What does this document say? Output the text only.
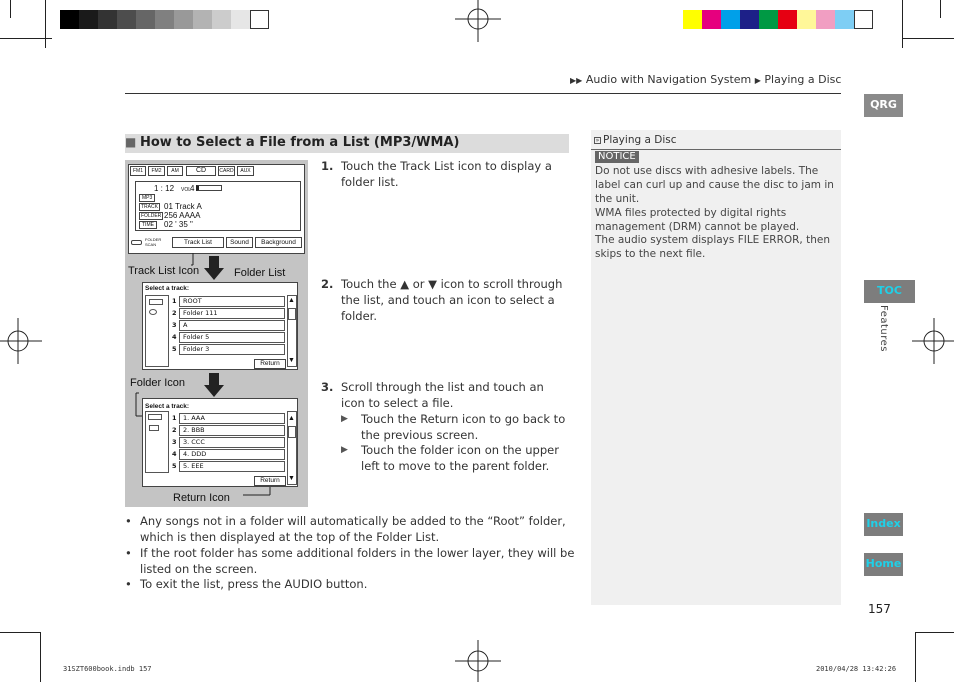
▶▶ Audio with Navigation System ▶ Playing a Disc
QRG
TOC
Features
Index
Home
■ How to Select a File from a List (MP3/WMA)
FM1	FM2	AM	CD	CARD	AUX
1 : 12 VOL
4
MP3
TRACK 01 Track A
FOLDER 256 AAAA
TIME	02 ' 35 "
FOLDER SCAN	Track List	Sound	Background
Track List Icon	Folder List
Folder Icon
Return Icon
Select a track:
1 ROOT
2 Folder 111
3 A
4 Folder 5
5 Folder 3
▲
▼
Return
Select a track:
1 1. AAA
2 2. BBB
3 3. CCC
4 4. DDD
5 5. EEE
▲
▼
Return
1. Touch the Track List icon to display a folder list.
2. Touch the ▲ or ▼ icon to scroll through the list, and touch an icon to select a folder.
3. Scroll through the list and touch an icon to select a file.
▶ Touch the Return icon to go back to the previous screen.
▶ Touch the folder icon on the upper left to move to the parent folder.
• Any songs not in a folder will automatically be added to the “Root” folder, which is then displayed at the top of the Folder List.
• If the root folder has some additional folders in the lower layer, they will be listed on the screen.
• To exit the list, press the AUDIO button.
» Playing a Disc
NOTICE

Do not use discs with adhesive labels. The label can curl up and cause the disc to jam in the unit.

WMA files protected by digital rights management (DRM) cannot be played.

The audio system displays FILE ERROR, then skips to the next file.

157
31SZT600book.indb 157	2010/04/28 13:42:26
